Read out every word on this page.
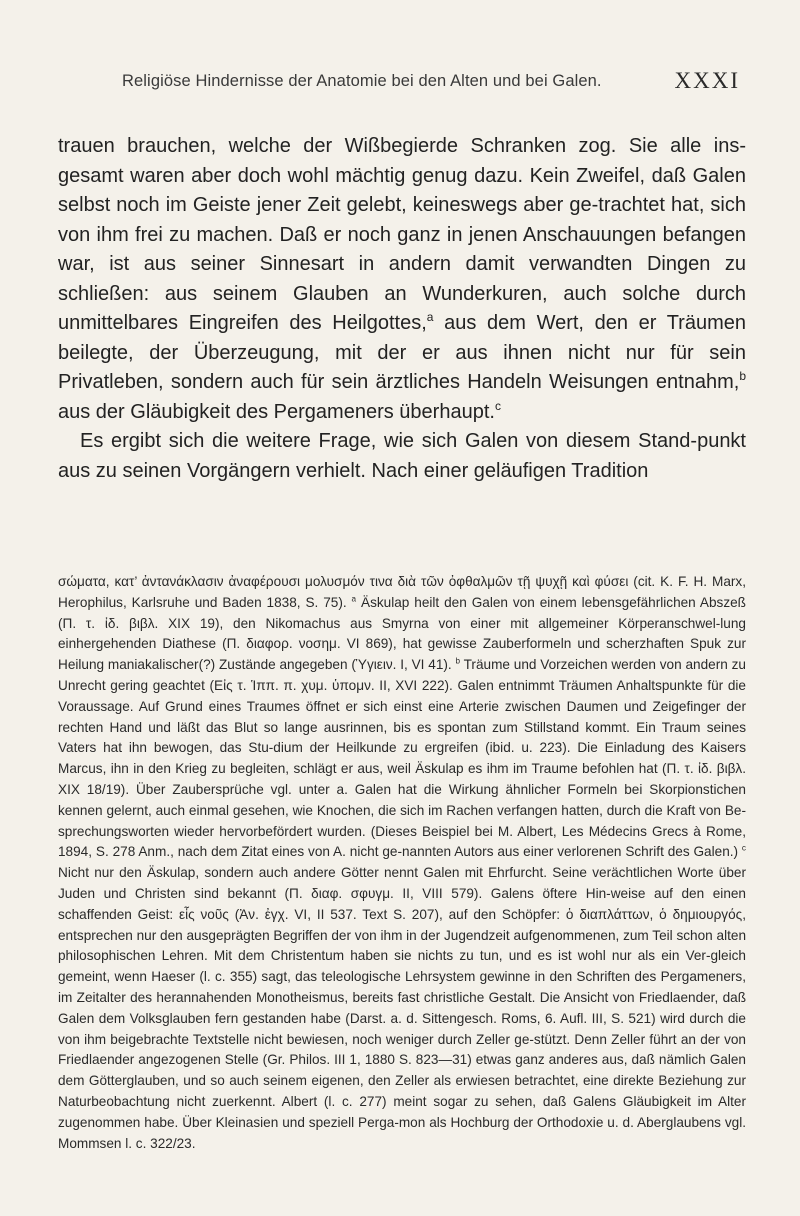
Religiöse Hindernisse der Anatomie bei den Alten und bei Galen.	XXXI

trauen brauchen, welche der Wißbegierde Schranken zog. Sie alle ins-gesamt waren aber doch wohl mächtig genug dazu. Kein Zweifel, daß Galen selbst noch im Geiste jener Zeit gelebt, keineswegs aber ge-trachtet hat, sich von ihm frei zu machen. Daß er noch ganz in jenen Anschauungen befangen war, ist aus seiner Sinnesart in andern damit verwandten Dingen zu schließen: aus seinem Glauben an Wunderkuren, auch solche durch unmittelbares Eingreifen des Heilgottes,$^a$ aus dem Wert, den er Träumen beilegte, der Überzeugung, mit der er aus ihnen nicht nur für sein Privatleben, sondern auch für sein ärztliches Handeln Weisungen entnahm,$^b$ aus der Gläubigkeit des Pergameners überhaupt.$^c$

Es ergibt sich die weitere Frage, wie sich Galen von diesem Stand-punkt aus zu seinen Vorgängern verhielt. Nach einer geläufigen Tradition

σώματα, κατ’ ἀντανάκλασιν ἀναφέρουσι μολυσμόν τινα διὰ τῶν ὀφθαλμῶν τῇ ψυχῇ καὶ φύσει (cit. K. F. H. Marx, Herophilus, Karlsruhe und Baden 1838, S. 75). $^a$ Äskulap heilt den Galen von einem lebensgefährlichen Abszeß (Π. τ. ἰδ. βιβλ. XIX 19), den Nikomachus aus Smyrna von einer mit allgemeiner Körperanschwel-lung einhergehenden Diathese (Π. διαφορ. νοσημ. VI 869), hat gewisse Zauberformeln und scherzhaften Spuk zur Heilung maniakalischer(?) Zustände angegeben (Ὑγιειν. I, VI 41). $^b$ Träume und Vorzeichen werden von andern zu Unrecht gering geachtet (Εἰς τ. Ἱππ. π. χυμ. ὑπομν. II, XVI 222). Galen entnimmt Träumen Anhaltspunkte für die Voraussage. Auf Grund eines Traumes öffnet er sich einst eine Arterie zwischen Daumen und Zeigefinger der rechten Hand und läßt das Blut so lange ausrinnen, bis es spontan zum Stillstand kommt. Ein Traum seines Vaters hat ihn bewogen, das Stu-dium der Heilkunde zu ergreifen (ibid. u. 223). Die Einladung des Kaisers Marcus, ihn in den Krieg zu begleiten, schlägt er aus, weil Äskulap es ihm im Traume befohlen hat (Π. τ. ἰδ. βιβλ. XIX 18/19). Über Zaubersprüche vgl. unter a. Galen hat die Wirkung ähnlicher Formeln bei Skorpionstichen kennen gelernt, auch einmal gesehen, wie Knochen, die sich im Rachen verfangen hatten, durch die Kraft von Be-sprechungsworten wieder hervorbefördert wurden. (Dieses Beispiel bei M. Albert, Les Médecins Grecs à Rome, 1894, S. 278 Anm., nach dem Zitat eines von A. nicht ge-nannten Autors aus einer verlorenen Schrift des Galen.) $^c$ Nicht nur den Äskulap, sondern auch andere Götter nennt Galen mit Ehrfurcht. Seine verächtlichen Worte über Juden und Christen sind bekannt (Π. διαφ. σφυγμ. II, VIII 579). Galens öftere Hin-weise auf den einen schaffenden Geist: εἷς νοῦς (Ἀν. ἐγχ. VI, II 537. Text S. 207), auf den Schöpfer: ὁ διαπλάττων, ὁ δημιουργός, entsprechen nur den ausgeprägten Begriffen der von ihm in der Jugendzeit aufgenommenen, zum Teil schon alten philosophischen Lehren. Mit dem Christentum haben sie nichts zu tun, und es ist wohl nur als ein Ver-gleich gemeint, wenn Haeser (l. c. 355) sagt, das teleologische Lehrsystem gewinne in den Schriften des Pergameners, im Zeitalter des herannahenden Monotheismus, bereits fast christliche Gestalt. Die Ansicht von Friedlaender, daß Galen dem Volksglauben fern gestanden habe (Darst. a. d. Sittengesch. Roms, 6. Aufl. III, S. 521) wird durch die von ihm beigebrachte Textstelle nicht bewiesen, noch weniger durch Zeller ge-stützt. Denn Zeller führt an der von Friedlaender angezogenen Stelle (Gr. Philos. III 1, 1880 S. 823—31) etwas ganz anderes aus, daß nämlich Galen dem Götterglauben, und so auch seinem eigenen, den Zeller als erwiesen betrachtet, eine direkte Beziehung zur Naturbeobachtung nicht zuerkennt. Albert (l. c. 277) meint sogar zu sehen, daß Galens Gläubigkeit im Alter zugenommen habe. Über Kleinasien und speziell Perga-mon als Hochburg der Orthodoxie u. d. Aberglaubens vgl. Mommsen l. c. 322/23.
